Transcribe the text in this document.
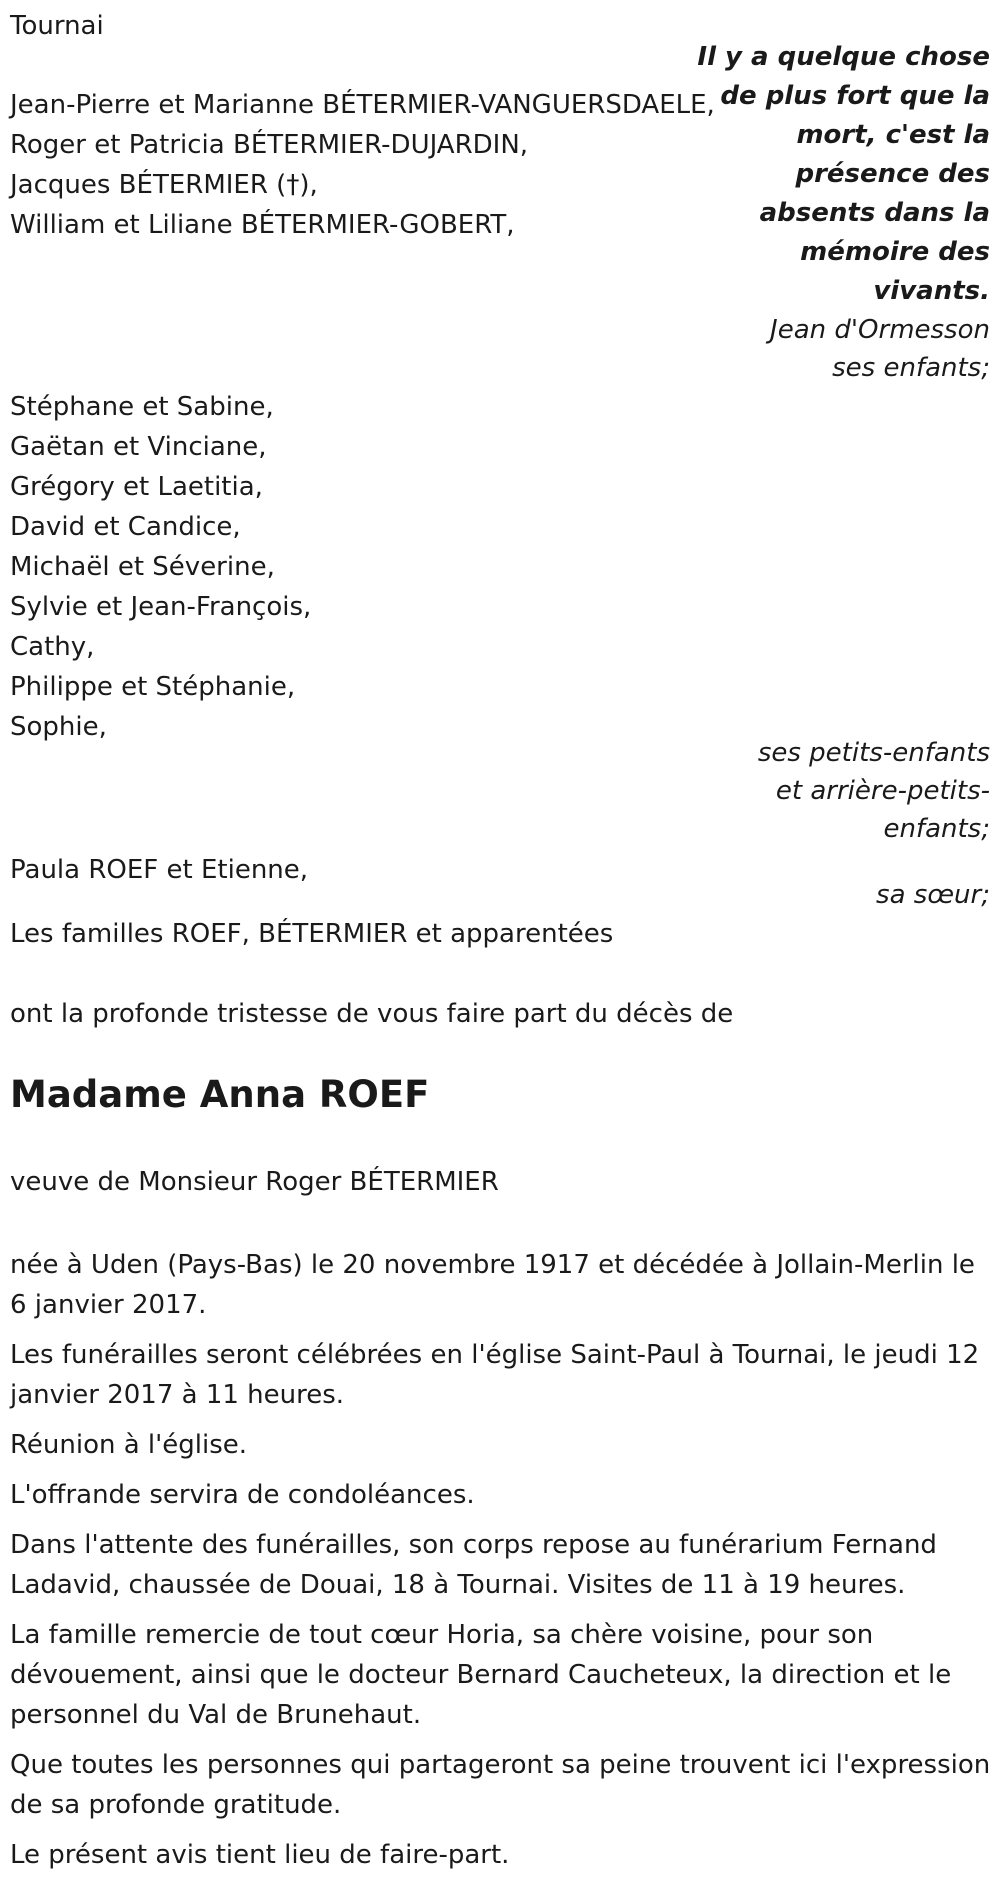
Tournai
Il y a quelque chose de plus fort que la mort, c'est la présence des absents dans la mémoire des vivants.
Jean d'Ormesson
Jean-Pierre et Marianne BÉTERMIER-VANGUERSDAELE,
Roger et Patricia BÉTERMIER-DUJARDIN,
Jacques BÉTERMIER (†),
William et Liliane BÉTERMIER-GOBERT,
ses enfants;
Stéphane et Sabine,
Gaëtan et Vinciane,
Grégory et Laetitia,
David et Candice,
Michaël et Séverine,
Sylvie et Jean-François,
Cathy,
Philippe et Stéphanie,
Sophie,
ses petits-enfants
et arrière-petits-
enfants;
Paula ROEF et Etienne,
sa sœur;
Les familles ROEF, BÉTERMIER et apparentées
ont la profonde tristesse de vous faire part du décès de
Madame Anna ROEF
veuve de Monsieur Roger BÉTERMIER
née à Uden (Pays-Bas) le 20 novembre 1917 et décédée à Jollain-Merlin le 6 janvier 2017.
Les funérailles seront célébrées en l'église Saint-Paul à Tournai, le jeudi 12 janvier 2017 à 11 heures.
Réunion à l'église.
L'offrande servira de condoléances.
Dans l'attente des funérailles, son corps repose au funérarium Fernand Ladavid, chaussée de Douai, 18 à Tournai. Visites de 11 à 19 heures.
La famille remercie de tout cœur Horia, sa chère voisine, pour son dévouement, ainsi que le docteur Bernard Caucheteux, la direction et le personnel du Val de Brunehaut.
Que toutes les personnes qui partageront sa peine trouvent ici l'expression de sa profonde gratitude.
Le présent avis tient lieu de faire-part.
